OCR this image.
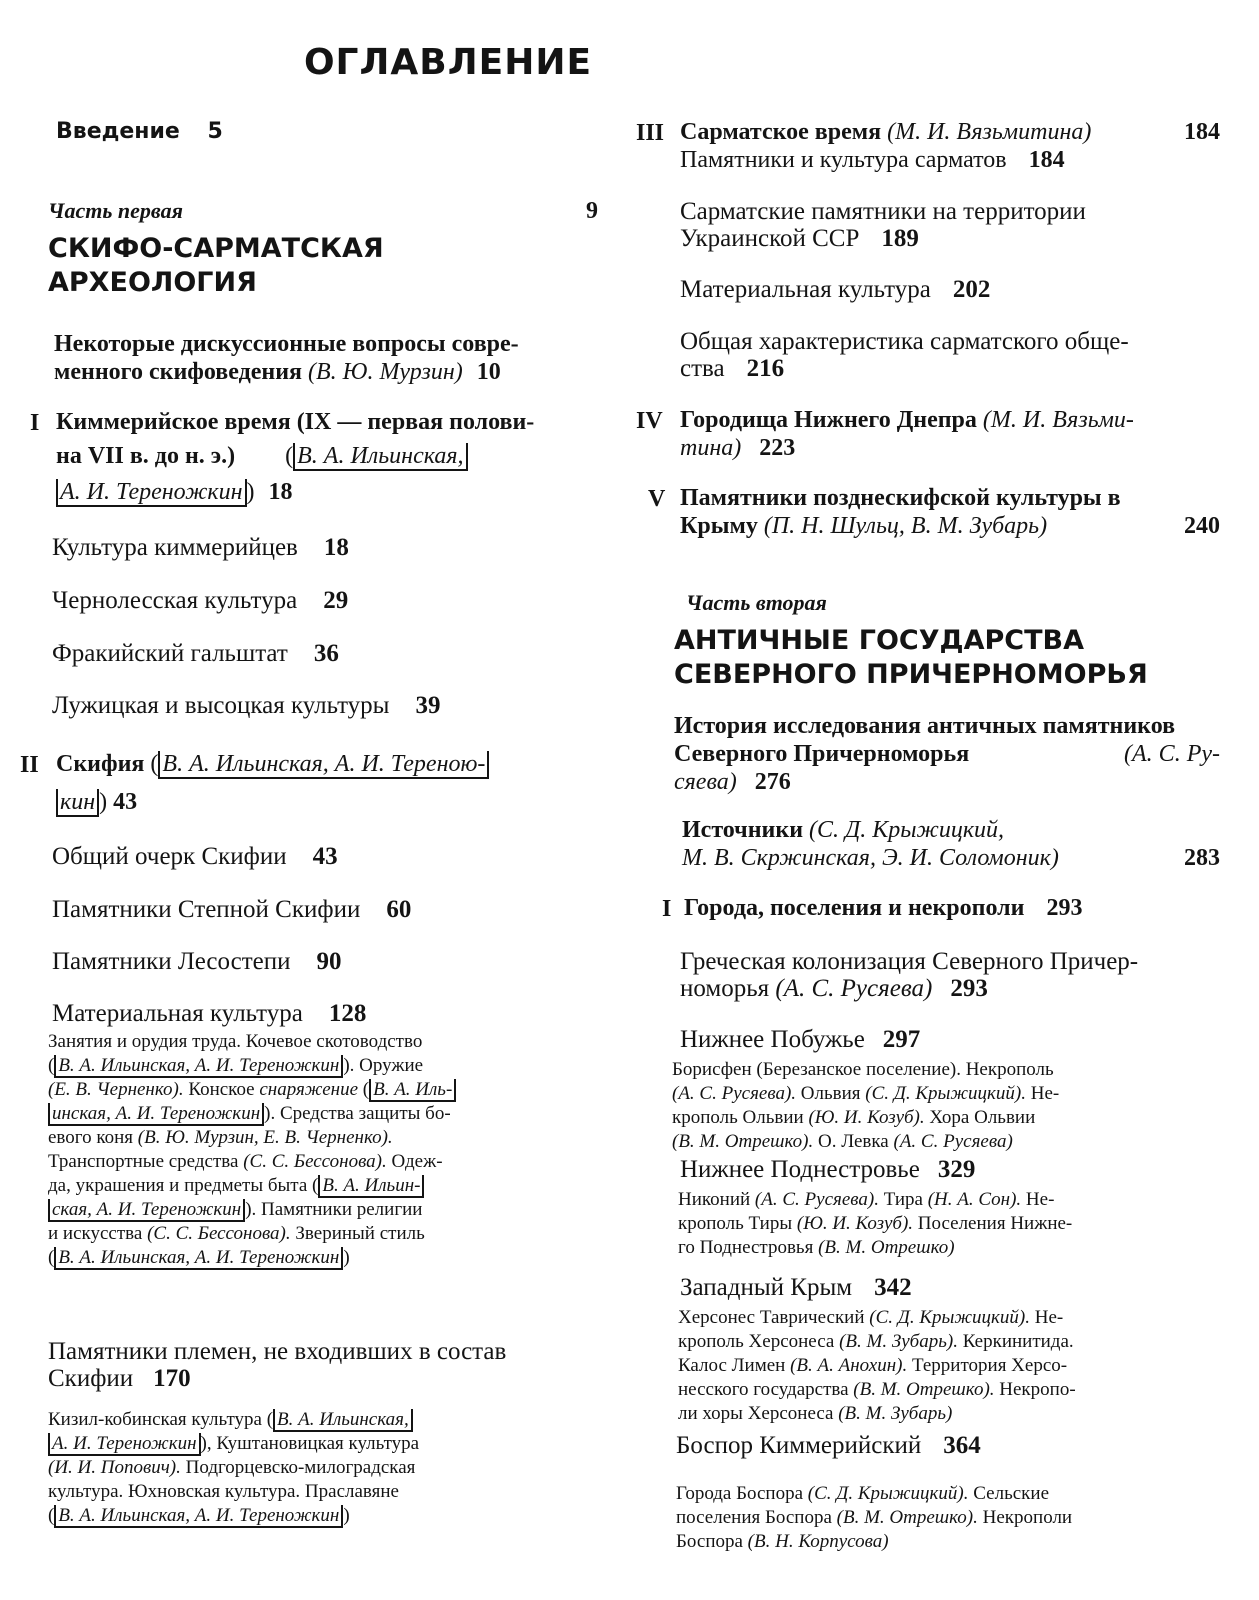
ОГЛАВЛЕНИЕ
Введение 5
Часть первая	9
СКИФО-САРМАТСКАЯ
АРХЕОЛОГИЯ
Некоторые дискуссионные вопросы совре-
менного скифоведения (В. Ю. Мурзин) 10
I Киммерийское время (IX — первая полови-
на VII в. до н. э.) ( В. А. Ильинская,
А. И. Тереножкин ) 18
Культура киммерийцев 18
Чернолесская культура 29
Фракийский гальштат 36
Лужицкая и высоцкая культуры 39
II Скифия ( В. А. Ильинская, А. И. Тереною-
кин ) 43
Общий очерк Скифии 43
Памятники Степной Скифии 60
Памятники Лесостепи 90
Материальная культура 128
Занятия и орудия труда. Кочевое скотоводство
( В. А. Ильинская, А. И. Тереножкин ). Оружие
(Е. В. Черненко). Конское снаряжение ( В. А. Иль-
инская, А. И. Тереножкин ). Средства защиты бо-
евого коня (В. Ю. Мурзин, Е. В. Черненко).
Транспортные средства (С. С. Бессонова). Одеж-
да, украшения и предметы быта ( В. А. Ильин-
ская, А. И. Тереножкин ). Памятники религии
и искусства (С. С. Бессонова). Звериный стиль
( В. А. Ильинская, А. И. Тереножкин )
Памятники племен, не входивших в состав
Скифии 170
Кизил-кобинская культура ( В. А. Ильинская,
А. И. Тереножкин ), Куштановицкая культура
(И. И. Попович). Подгорцевско-милоградская
культура. Юхновская культура. Праславяне
( В. А. Ильинская, А. И. Тереножкин )
III Сарматское время (М. И. Вязьмитина)	184
Памятники и культура сарматов 184
Сарматские памятники на территории
Украинской ССР 189
Материальная культура 202
Общая характеристика сарматского обще-
ства 216
IV Городища Нижнего Днепра (М. И. Вязьми-
тина) 223
V Памятники позднескифской культуры в
Крыму (П. Н. Шульц, В. М. Зубарь)	240
Часть вторая
АНТИЧНЫЕ ГОСУДАРСТВА
СЕВЕРНОГО ПРИЧЕРНОМОРЬЯ
История исследования античных памятников
Северного Причерноморья	(А. С. Ру-
сяева) 276
Источники (С. Д. Крыжицкий,
М. В. Скржинская, Э. И. Соломоник)	283
I Города, поселения и некрополи 293
Греческая колонизация Северного Причер-
номорья (А. С. Русяева) 293
Нижнее Побужье 297
Борисфен (Березанское поселение). Некрополь
(А. С. Русяева). Ольвия (С. Д. Крыжицкий). Не-
крополь Ольвии (Ю. И. Козуб). Хора Ольвии
(В. М. Отрешко). О. Левка (А. С. Русяева)
Нижнее Поднестровье 329
Никоний (А. С. Русяева). Тира (Н. А. Сон). Не-
крополь Тиры (Ю. И. Козуб). Поселения Нижне-
го Поднестровья (В. М. Отрешко)
Западный Крым 342
Херсонес Таврический (С. Д. Крыжицкий). Не-
крополь Херсонеса (В. М. Зубарь). Керкинитида.
Калос Лимен (В. А. Анохин). Территория Херсо-
несского государства (В. М. Отрешко). Некропо-
ли хоры Херсонеса (В. М. Зубарь)
Боспор Киммерийский 364
Города Боспора (С. Д. Крыжицкий). Сельские
поселения Боспора (В. М. Отрешко). Некрополи
Боспора (В. Н. Корпусова)
